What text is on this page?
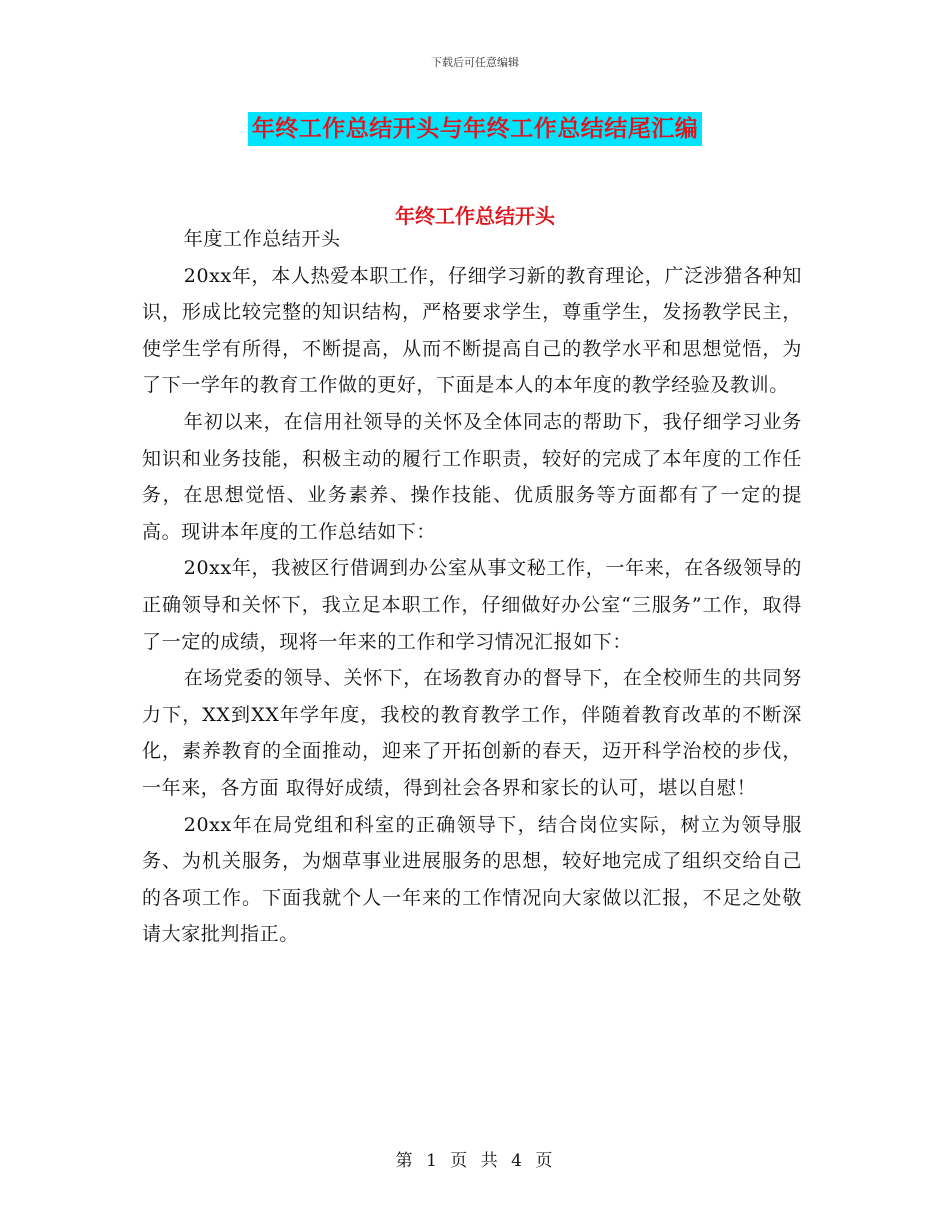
下载后可任意编辑
年终工作总结开头与年终工作总结结尾汇编
年终工作总结开头

年度工作总结开头

20xx年，本人热爱本职工作，仔细学习新的教育理论，广泛涉猎各种知识，形成比较完整的知识结构，严格要求学生，尊重学生，发扬教学民主，使学生学有所得，不断提高，从而不断提高自己的教学水平和思想觉悟，为了下一学年的教育工作做的更好，下面是本人的本年度的教学经验及教训。

年初以来，在信用社领导的关怀及全体同志的帮助下，我仔细学习业务知识和业务技能，积极主动的履行工作职责，较好的完成了本年度的工作任务，在思想觉悟、业务素养、操作技能、优质服务等方面都有了一定的提高。现讲本年度的工作总结如下：

20xx年，我被区行借调到办公室从事文秘工作，一年来，在各级领导的正确领导和关怀下，我立足本职工作，仔细做好办公室“三服务”工作，取得了一定的成绩，现将一年来的工作和学习情况汇报如下：

在场党委的领导、关怀下，在场教育办的督导下，在全校师生的共同努力下，XX到XX年学年度，我校的教育教学工作，伴随着教育改革的不断深化，素养教育的全面推动，迎来了开拓创新的春天，迈开科学治校的步伐，一年来，各方面 取得好成绩，得到社会各界和家长的认可，堪以自慰！

20xx年在局党组和科室的正确领导下，结合岗位实际，树立为领导服务、为机关服务，为烟草事业进展服务的思想，较好地完成了组织交给自己的各项工作。下面我就个人一年来的工作情况向大家做以汇报，不足之处敬请大家批判指正。

第 1 页 共 4 页
